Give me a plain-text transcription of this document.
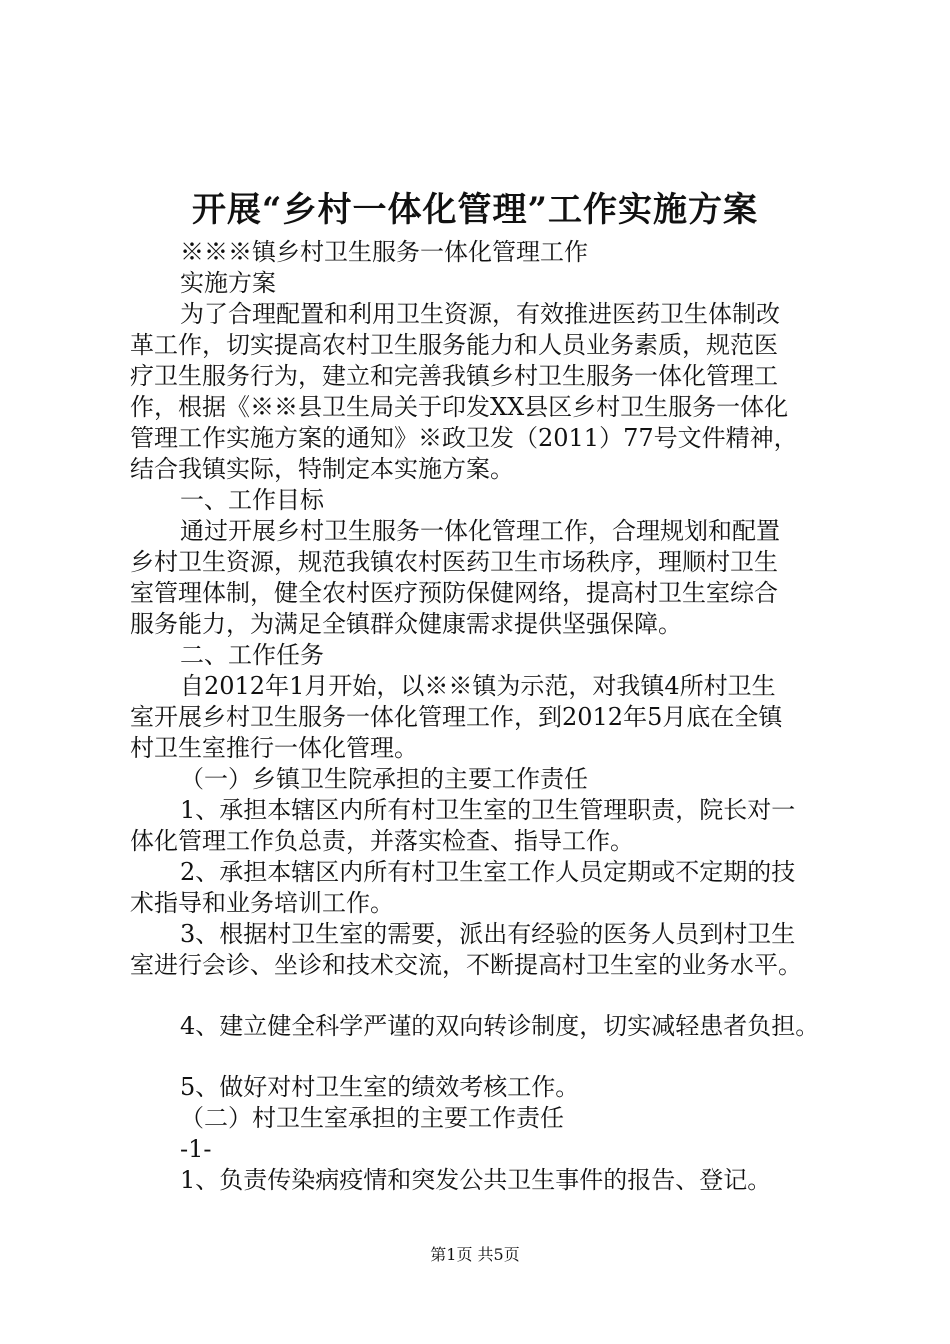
开展“乡村一体化管理”工作实施方案
※※※镇乡村卫生服务一体化管理工作
实施方案
为了合理配置和利用卫生资源，有效推进医药卫生体制改
革工作，切实提高农村卫生服务能力和人员业务素质，规范医
疗卫生服务行为，建立和完善我镇乡村卫生服务一体化管理工
作，根据《※※县卫生局关于印发XX县区乡村卫生服务一体化
管理工作实施方案的通知》※政卫发（2011）77号文件精神，
结合我镇实际，特制定本实施方案。
一、工作目标
通过开展乡村卫生服务一体化管理工作，合理规划和配置
乡村卫生资源，规范我镇农村医药卫生市场秩序，理顺村卫生
室管理体制，健全农村医疗预防保健网络，提高村卫生室综合
服务能力，为满足全镇群众健康需求提供坚强保障。
二、工作任务
自2012年1月开始，以※※镇为示范，对我镇4所村卫生
室开展乡村卫生服务一体化管理工作，到2012年5月底在全镇
村卫生室推行一体化管理。
（一）乡镇卫生院承担的主要工作责任
1、承担本辖区内所有村卫生室的卫生管理职责，院长对一
体化管理工作负总责，并落实检查、指导工作。
2、承担本辖区内所有村卫生室工作人员定期或不定期的技
术指导和业务培训工作。
3、根据村卫生室的需要，派出有经验的医务人员到村卫生
室进行会诊、坐诊和技术交流，不断提高村卫生室的业务水平。
4、建立健全科学严谨的双向转诊制度，切实减轻患者负担。
5、做好对村卫生室的绩效考核工作。
（二）村卫生室承担的主要工作责任
-1-
1、负责传染病疫情和突发公共卫生事件的报告、登记。
第1页 共5页
